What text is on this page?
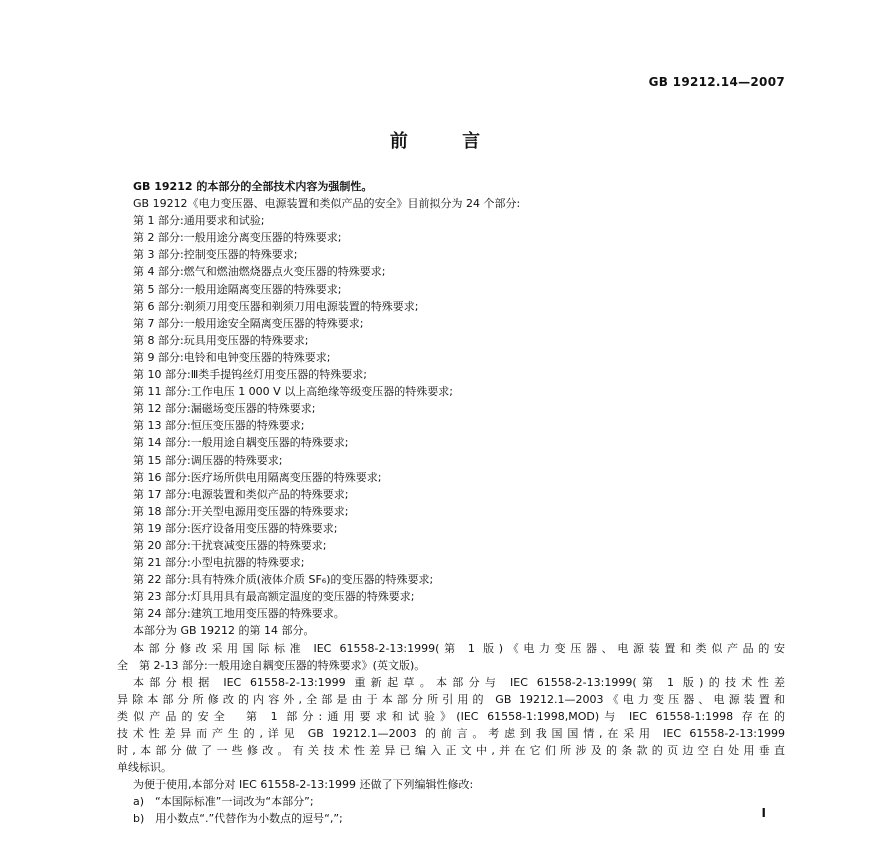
GB 19212.14—2007
前 言
GB 19212 的本部分的全部技术内容为强制性。
GB 19212《电力变压器、电源装置和类似产品的安全》目前拟分为 24 个部分:
第 1 部分:通用要求和试验;
第 2 部分:一般用途分离变压器的特殊要求;
第 3 部分:控制变压器的特殊要求;
第 4 部分:燃气和燃油燃烧器点火变压器的特殊要求;
第 5 部分:一般用途隔离变压器的特殊要求;
第 6 部分:剃须刀用变压器和剃须刀用电源装置的特殊要求;
第 7 部分:一般用途安全隔离变压器的特殊要求;
第 8 部分:玩具用变压器的特殊要求;
第 9 部分:电铃和电钟变压器的特殊要求;
第 10 部分:Ⅲ类手提钨丝灯用变压器的特殊要求;
第 11 部分:工作电压 1 000 V 以上高绝缘等级变压器的特殊要求;
第 12 部分:漏磁场变压器的特殊要求;
第 13 部分:恒压变压器的特殊要求;
第 14 部分:一般用途自耦变压器的特殊要求;
第 15 部分:调压器的特殊要求;
第 16 部分:医疗场所供电用隔离变压器的特殊要求;
第 17 部分:电源装置和类似产品的特殊要求;
第 18 部分:开关型电源用变压器的特殊要求;
第 19 部分:医疗设备用变压器的特殊要求;
第 20 部分:干扰衰减变压器的特殊要求;
第 21 部分:小型电抗器的特殊要求;
第 22 部分:具有特殊介质(液体介质 SF₆)的变压器的特殊要求;
第 23 部分:灯具用具有最高额定温度的变压器的特殊要求;
第 24 部分:建筑工地用变压器的特殊要求。
本部分为 GB 19212 的第 14 部分。
本部分修改采用国际标准 IEC 61558-2-13:1999(第 1 版)《电力变压器、电源装置和类似产品的安
全　第 2-13 部分:一般用途自耦变压器的特殊要求》(英文版)。
本部分根据 IEC 61558-2-13:1999 重新起草。本部分与 IEC 61558-2-13:1999(第 1 版)的技术性差
异除本部分所修改的内容外,全部是由于本部分所引用的 GB 19212.1—2003《电力变压器、电源装置和
类似产品的安全　第 1 部分:通用要求和试验》(IEC 61558-1:1998,MOD)与 IEC 61558-1:1998 存在的
技术性差异而产生的,详见 GB 19212.1—2003 的前言。考虑到我国国情,在采用 IEC 61558-2-13:1999
时,本部分做了一些修改。有关技术性差异已编入正文中,并在它们所涉及的条款的页边空白处用垂直
单线标识。
为便于使用,本部分对 IEC 61558-2-13:1999 还做了下列编辑性修改:
a)　“本国际标准”一词改为“本部分”;
b)　用小数点“.”代替作为小数点的逗号“,”;	I
